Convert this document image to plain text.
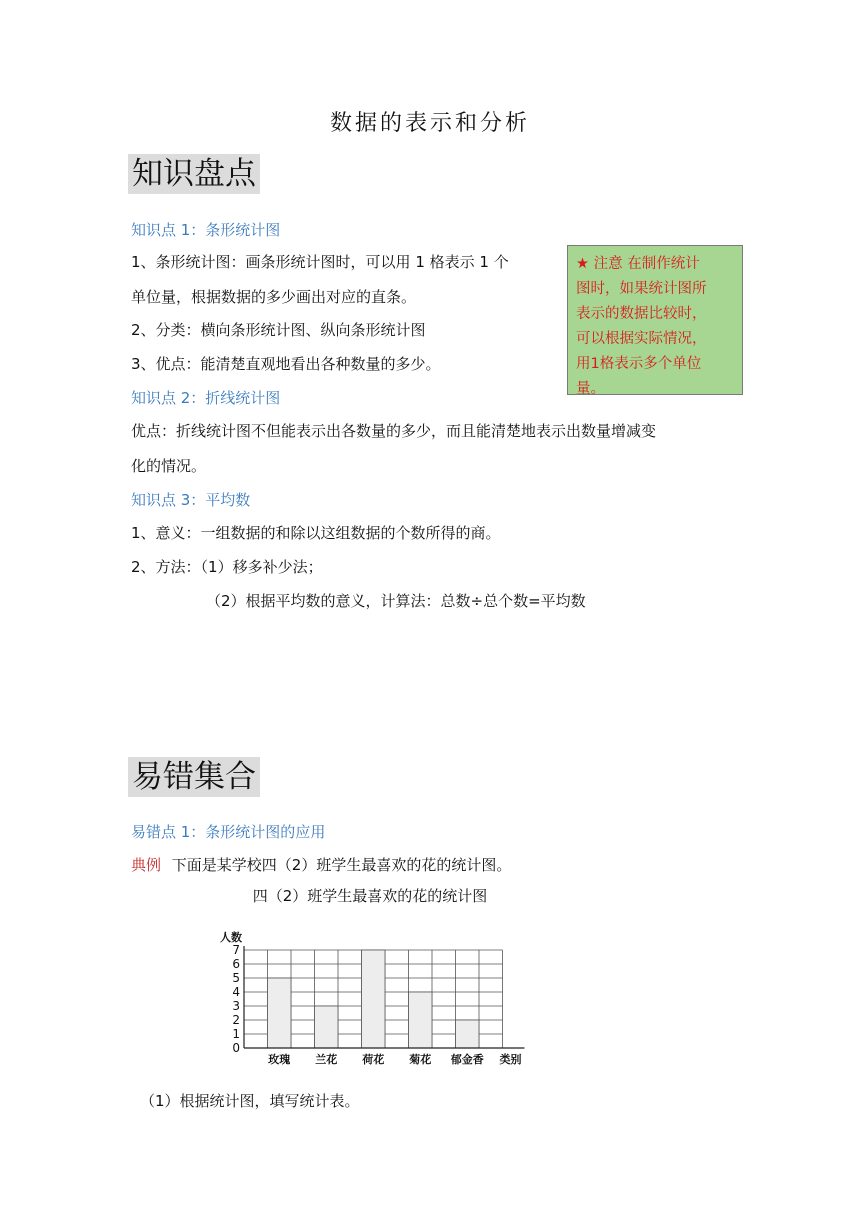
数据的表示和分析
知识盘点
知识点 1：条形统计图
1、条形统计图：画条形统计图时，可以用 1 格表示 1 个
单位量，根据数据的多少画出对应的直条。
2、分类：横向条形统计图、纵向条形统计图
3、优点：能清楚直观地看出各种数量的多少。
★ 注意 在制作统计
图时，如果统计图所
表示的数据比较时，
可以根据实际情况，
用1格表示多个单位
量。
知识点 2：折线统计图
优点：折线统计图不但能表示出各数量的多少，而且能清楚地表示出数量增减变
化的情况。
知识点 3：平均数
1、意义：一组数据的和除以这组数据的个数所得的商。
2、方法：（1）移多补少法；
（2）根据平均数的意义，计算法：总数÷总个数=平均数
易错集合
易错点 1：条形统计图的应用
典例 下面是某学校四（2）班学生最喜欢的花的统计图。
四（2）班学生最喜欢的花的统计图
0
1
2
3
4
5
6
7
人数
玫瑰 兰花 荷花 菊花 郁金香 类别
（1）根据统计图，填写统计表。
